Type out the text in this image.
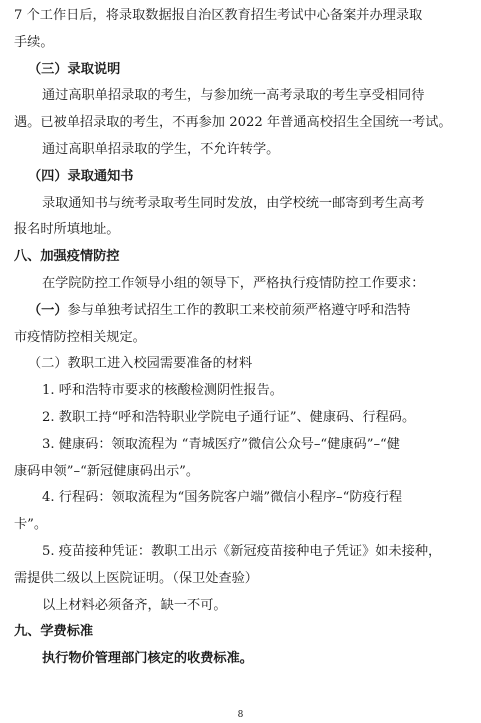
7 个工作日后，将录取数据报自治区教育招生考试中心备案并办理录取
手续。
（三）录取说明
通过高职单招录取的考生，与参加统一高考录取的考生享受相同待
遇。已被单招录取的考生，不再参加 2022 年普通高校招生全国统一考试。
通过高职单招录取的学生，不允许转学。
（四）录取通知书
录取通知书与统考录取考生同时发放，由学校统一邮寄到考生高考
报名时所填地址。
八、加强疫情防控
在学院防控工作领导小组的领导下，严格执行疫情防控工作要求：
（一）参与单独考试招生工作的教职工来校前须严格遵守呼和浩特
市疫情防控相关规定。
（二）教职工进入校园需要准备的材料
1. 呼和浩特市要求的核酸检测阴性报告。
2. 教职工持“呼和浩特职业学院电子通行证”、健康码、行程码。
3. 健康码：领取流程为 “青城医疗”微信公众号–“健康码”–“健
康码申领”–“新冠健康码出示”。
4. 行程码：领取流程为“国务院客户端”微信小程序–“防疫行程
卡”。
5. 疫苗接种凭证：教职工出示《新冠疫苗接种电子凭证》如未接种，
需提供二级以上医院证明。（保卫处查验）
以上材料必须备齐，缺一不可。
九、学费标准
执行物价管理部门核定的收费标准。
8
